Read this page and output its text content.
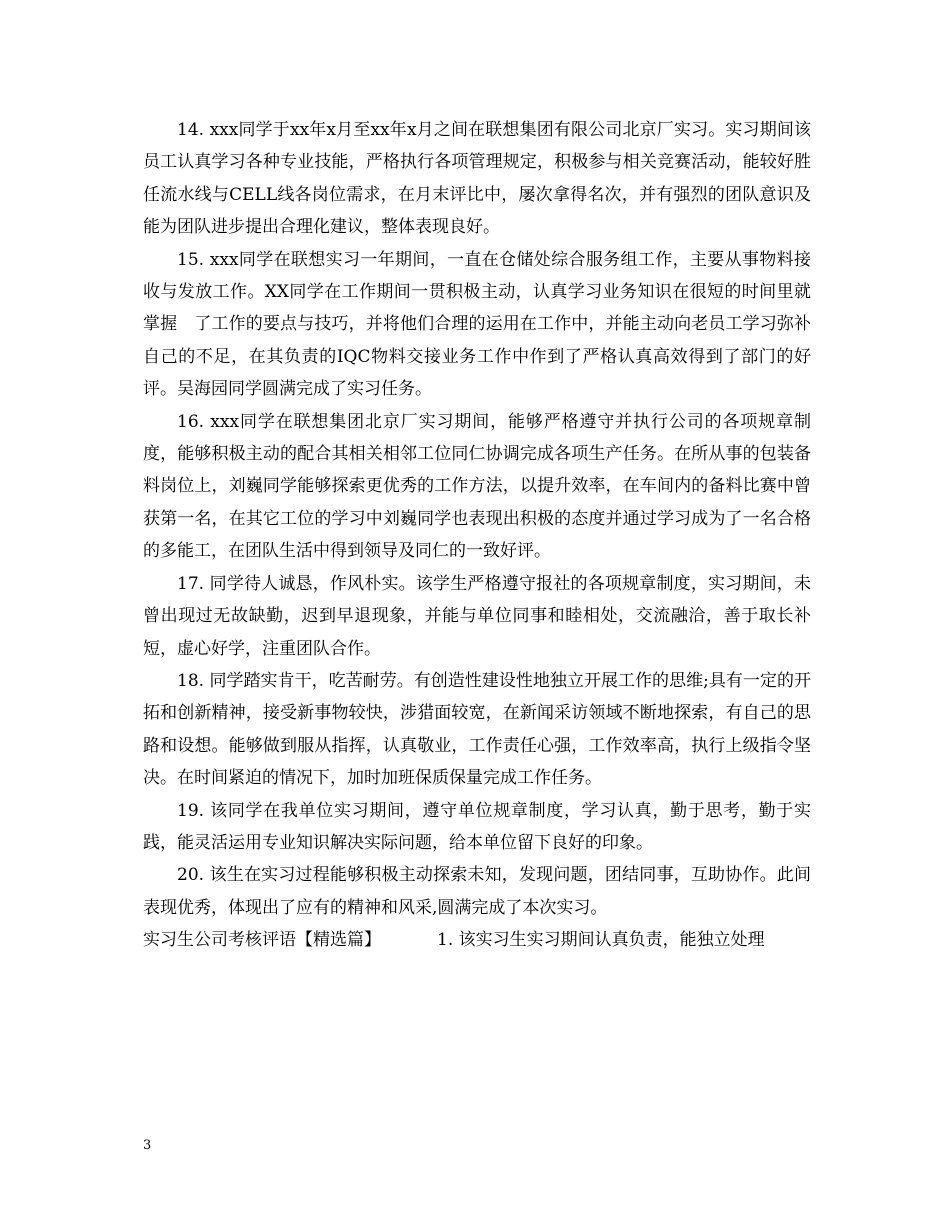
14. xxx同学于xx年x月至xx年x月之间在联想集团有限公司北京厂实习。实习期间该员工认真学习各种专业技能，严格执行各项管理规定，积极参与相关竞赛活动，能较好胜任流水线与CELL线各岗位需求，在月末评比中，屡次拿得名次，并有强烈的团队意识及能为团队进步提出合理化建议，整体表现良好。

15. xxx同学在联想实习一年期间，一直在仓储处综合服务组工作，主要从事物料接收与发放工作。XX同学在工作期间一贯积极主动，认真学习业务知识在很短的时间里就掌握　了工作的要点与技巧，并将他们合理的运用在工作中，并能主动向老员工学习弥补自己的不足，在其负责的IQC物料交接业务工作中作到了严格认真高效得到了部门的好评。吴海园同学圆满完成了实习任务。

16. xxx同学在联想集团北京厂实习期间，能够严格遵守并执行公司的各项规章制度，能够积极主动的配合其相关相邻工位同仁协调完成各项生产任务。在所从事的包装备料岗位上，刘巍同学能够探索更优秀的工作方法，以提升效率，在车间内的备料比赛中曾获第一名，在其它工位的学习中刘巍同学也表现出积极的态度并通过学习成为了一名合格的多能工，在团队生活中得到领导及同仁的一致好评。

17. 同学待人诚恳，作风朴实。该学生严格遵守报社的各项规章制度，实习期间，未曾出现过无故缺勤，迟到早退现象，并能与单位同事和睦相处，交流融洽，善于取长补短，虚心好学，注重团队合作。

18. 同学踏实肯干，吃苦耐劳。有创造性建设性地独立开展工作的思维;具有一定的开拓和创新精神，接受新事物较快，涉猎面较宽，在新闻采访领域不断地探索，有自己的思路和设想。能够做到服从指挥，认真敬业，工作责任心强，工作效率高，执行上级指令坚决。在时间紧迫的情况下，加时加班保质保量完成工作任务。

19. 该同学在我单位实习期间，遵守单位规章制度，学习认真，勤于思考，勤于实践，能灵活运用专业知识解决实际问题，给本单位留下良好的印象。

20. 该生在实习过程能够积极主动探索未知，发现问题，团结同事，互助协作。此间表现优秀，体现出了应有的精神和风采,圆满完成了本次实习。

实习生公司考核评语【精选篇】	1. 该实习生实习期间认真负责，能独立处理

3
